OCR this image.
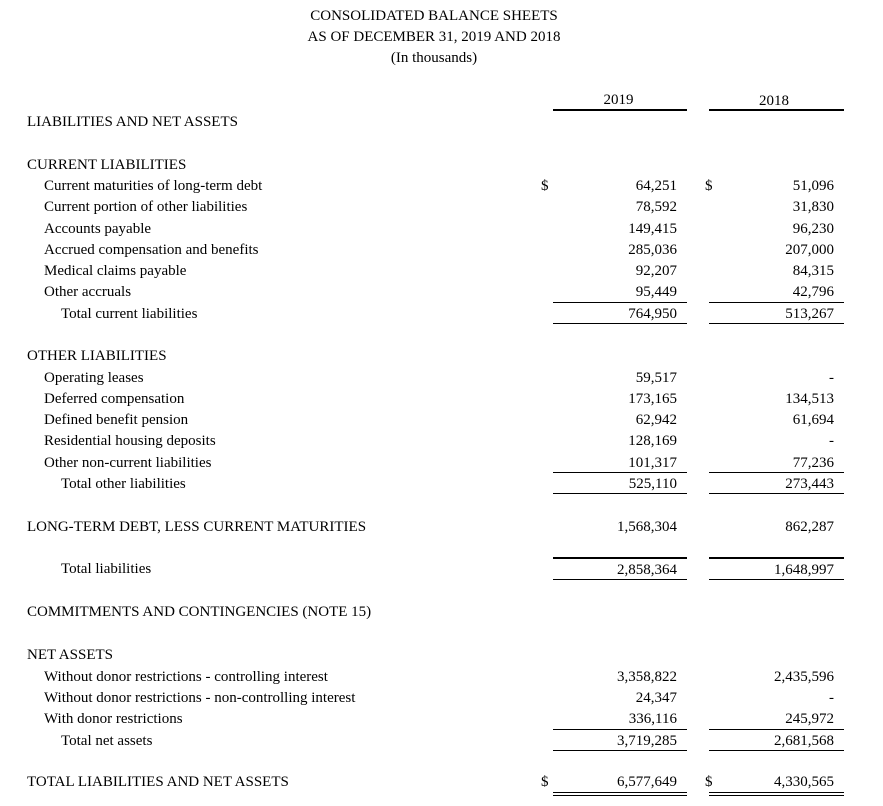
CONSOLIDATED BALANCE SHEETS
AS OF DECEMBER 31, 2019 AND 2018
(In thousands)
2019	2018
LIABILITIES AND NET ASSETS
CURRENT LIABILITIES
Current maturities of long-term debt	$	64,251 $	51,096
Current portion of other liabilities	78,592	31,830
Accounts payable	149,415	96,230
Accrued compensation and benefits	285,036	207,000
Medical claims payable	92,207	84,315
Other accruals	95,449	42,796
Total current liabilities	764,950	513,267
OTHER LIABILITIES
Operating leases	59,517	-
Deferred compensation	173,165	134,513
Defined benefit pension	62,942	61,694
Residential housing deposits	128,169	-
Other non-current liabilities	101,317	77,236
Total other liabilities	525,110	273,443
LONG-TERM DEBT, LESS CURRENT MATURITIES	1,568,304	862,287
Total liabilities	2,858,364	1,648,997
COMMITMENTS AND CONTINGENCIES (NOTE 15)
NET ASSETS
Without donor restrictions - controlling interest	3,358,822	2,435,596
Without donor restrictions - non-controlling interest	24,347	-
With donor restrictions	336,116	245,972
Total net assets	3,719,285	2,681,568
TOTAL LIABILITIES AND NET ASSETS	$	6,577,649 $	4,330,565
